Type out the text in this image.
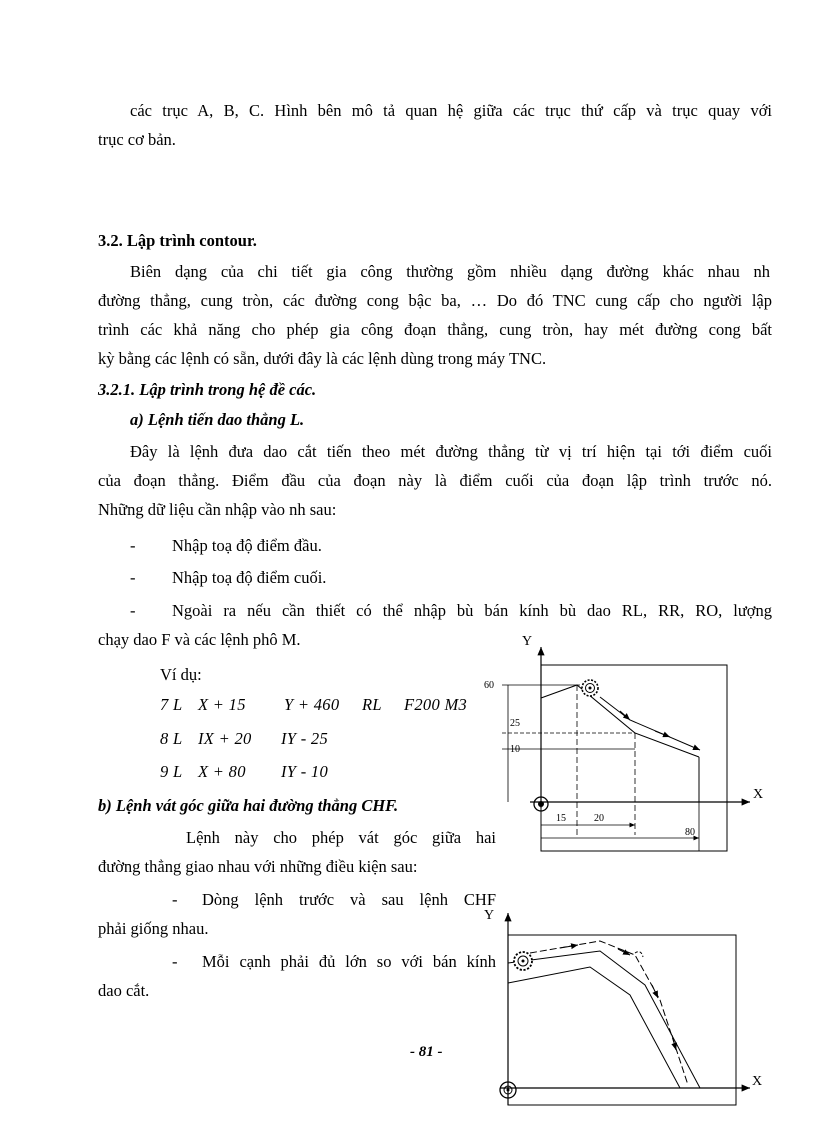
các trục A, B, C. Hình bên mô tả quan hệ giữa các trục thứ cấp và trục quay với
trục cơ bản.
3.2. Lập trình contour.
Biên dạng của chi tiết gia công thường gồm nhiều dạng đường khác nhau nh
đường thẳng, cung tròn, các đường cong bậc ba, … Do đó TNC cung cấp cho người lập
trình các khả năng cho phép gia công đoạn thẳng, cung tròn, hay mét đường cong bất
kỳ bằng các lệnh có sẵn, dưới đây là các lệnh dùng trong máy TNC.
3.2.1. Lập trình trong hệ đề các.
a) Lệnh tiến dao thẳng L.
Đây là lệnh đưa dao cắt tiến theo mét đường thẳng từ vị trí hiện tại tới điểm cuối
của đoạn thẳng. Điểm đầu của đoạn này là điểm cuối của đoạn lập trình trước nó.
Những dữ liệu cần nhập vào nh sau:
- Nhập toạ độ điểm đầu.
- Nhập toạ độ điểm cuối.
- Ngoài ra nếu cần thiết có thể nhập bù bán kính bù dao RL, RR, RO, lượng
chạy dao F và các lệnh phô M.
Ví dụ:

7 L

X + 15

Y + 460

RL

F200 M3

8 L

IX + 20

IY - 25

9 L

X + 80

IY - 10

b) Lệnh vát góc giữa hai đường thẳng CHF.
Lệnh này cho phép vát góc giữa hai
đường thẳng giao nhau với những điều kiện sau:
- Dòng lệnh trước và sau lệnh CHF
phải giống nhau.
- Mỗi cạnh phải đủ lớn so với bán kính
dao cắt.
- 81 -
Y
X
60
25
10
15	20
80
Y
X
